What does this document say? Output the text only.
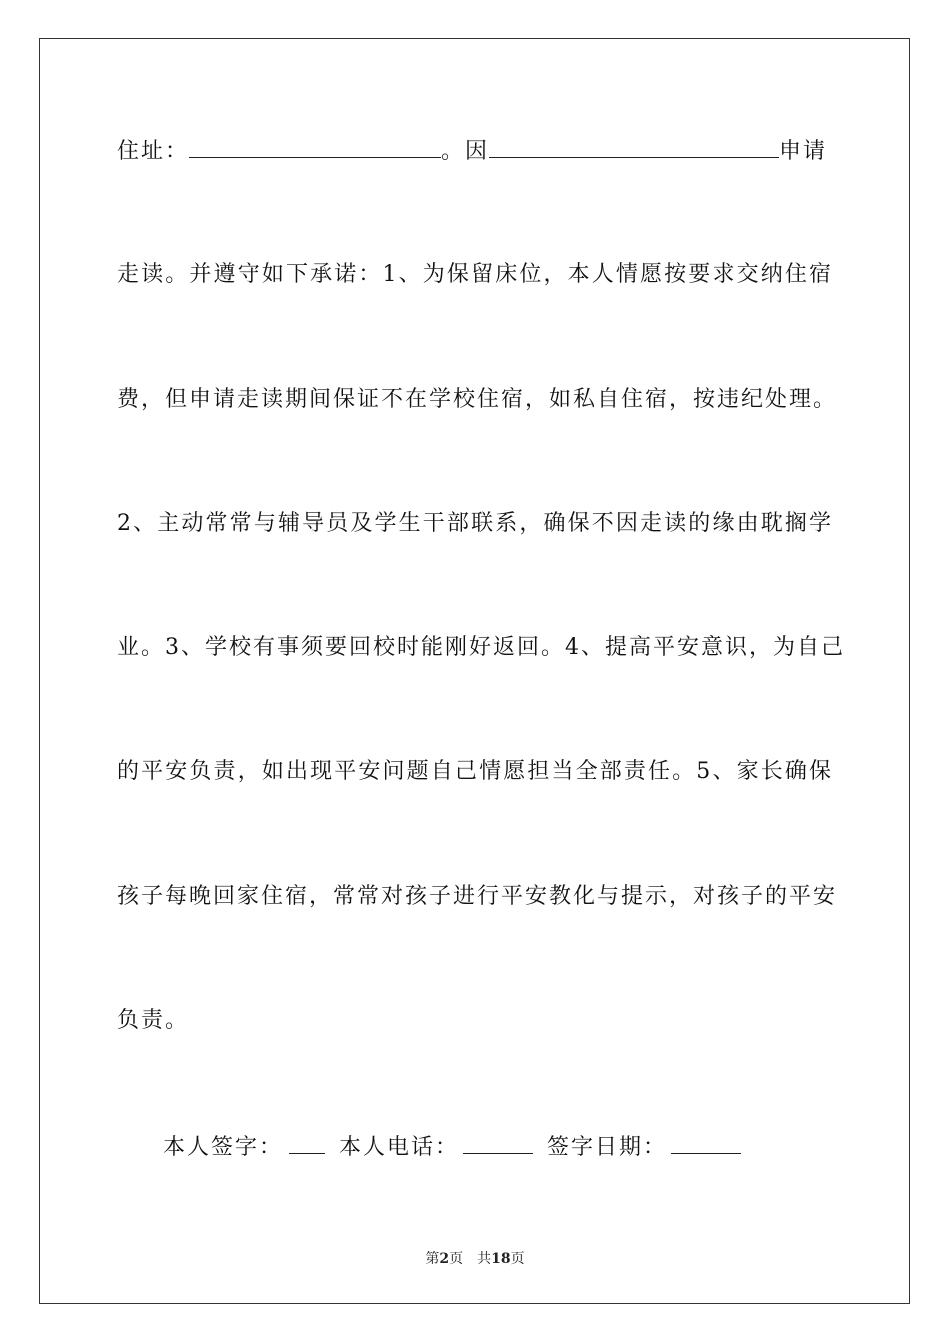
住址：	。因	申请
走读。并遵守如下承诺：1、为保留床位，本人情愿按要求交纳住宿
费，但申请走读期间保证不在学校住宿，如私自住宿，按违纪处理。
2、主动常常与辅导员及学生干部联系，确保不因走读的缘由耽搁学
业。3、学校有事须要回校时能刚好返回。4、提高平安意识，为自己
的平安负责，如出现平安问题自己情愿担当全部责任。5、家长确保
孩子每晚回家住宿，常常对孩子进行平安教化与提示，对孩子的平安
负责。
本人签字：	本人电话：	签字日期：
第2页　共18页
